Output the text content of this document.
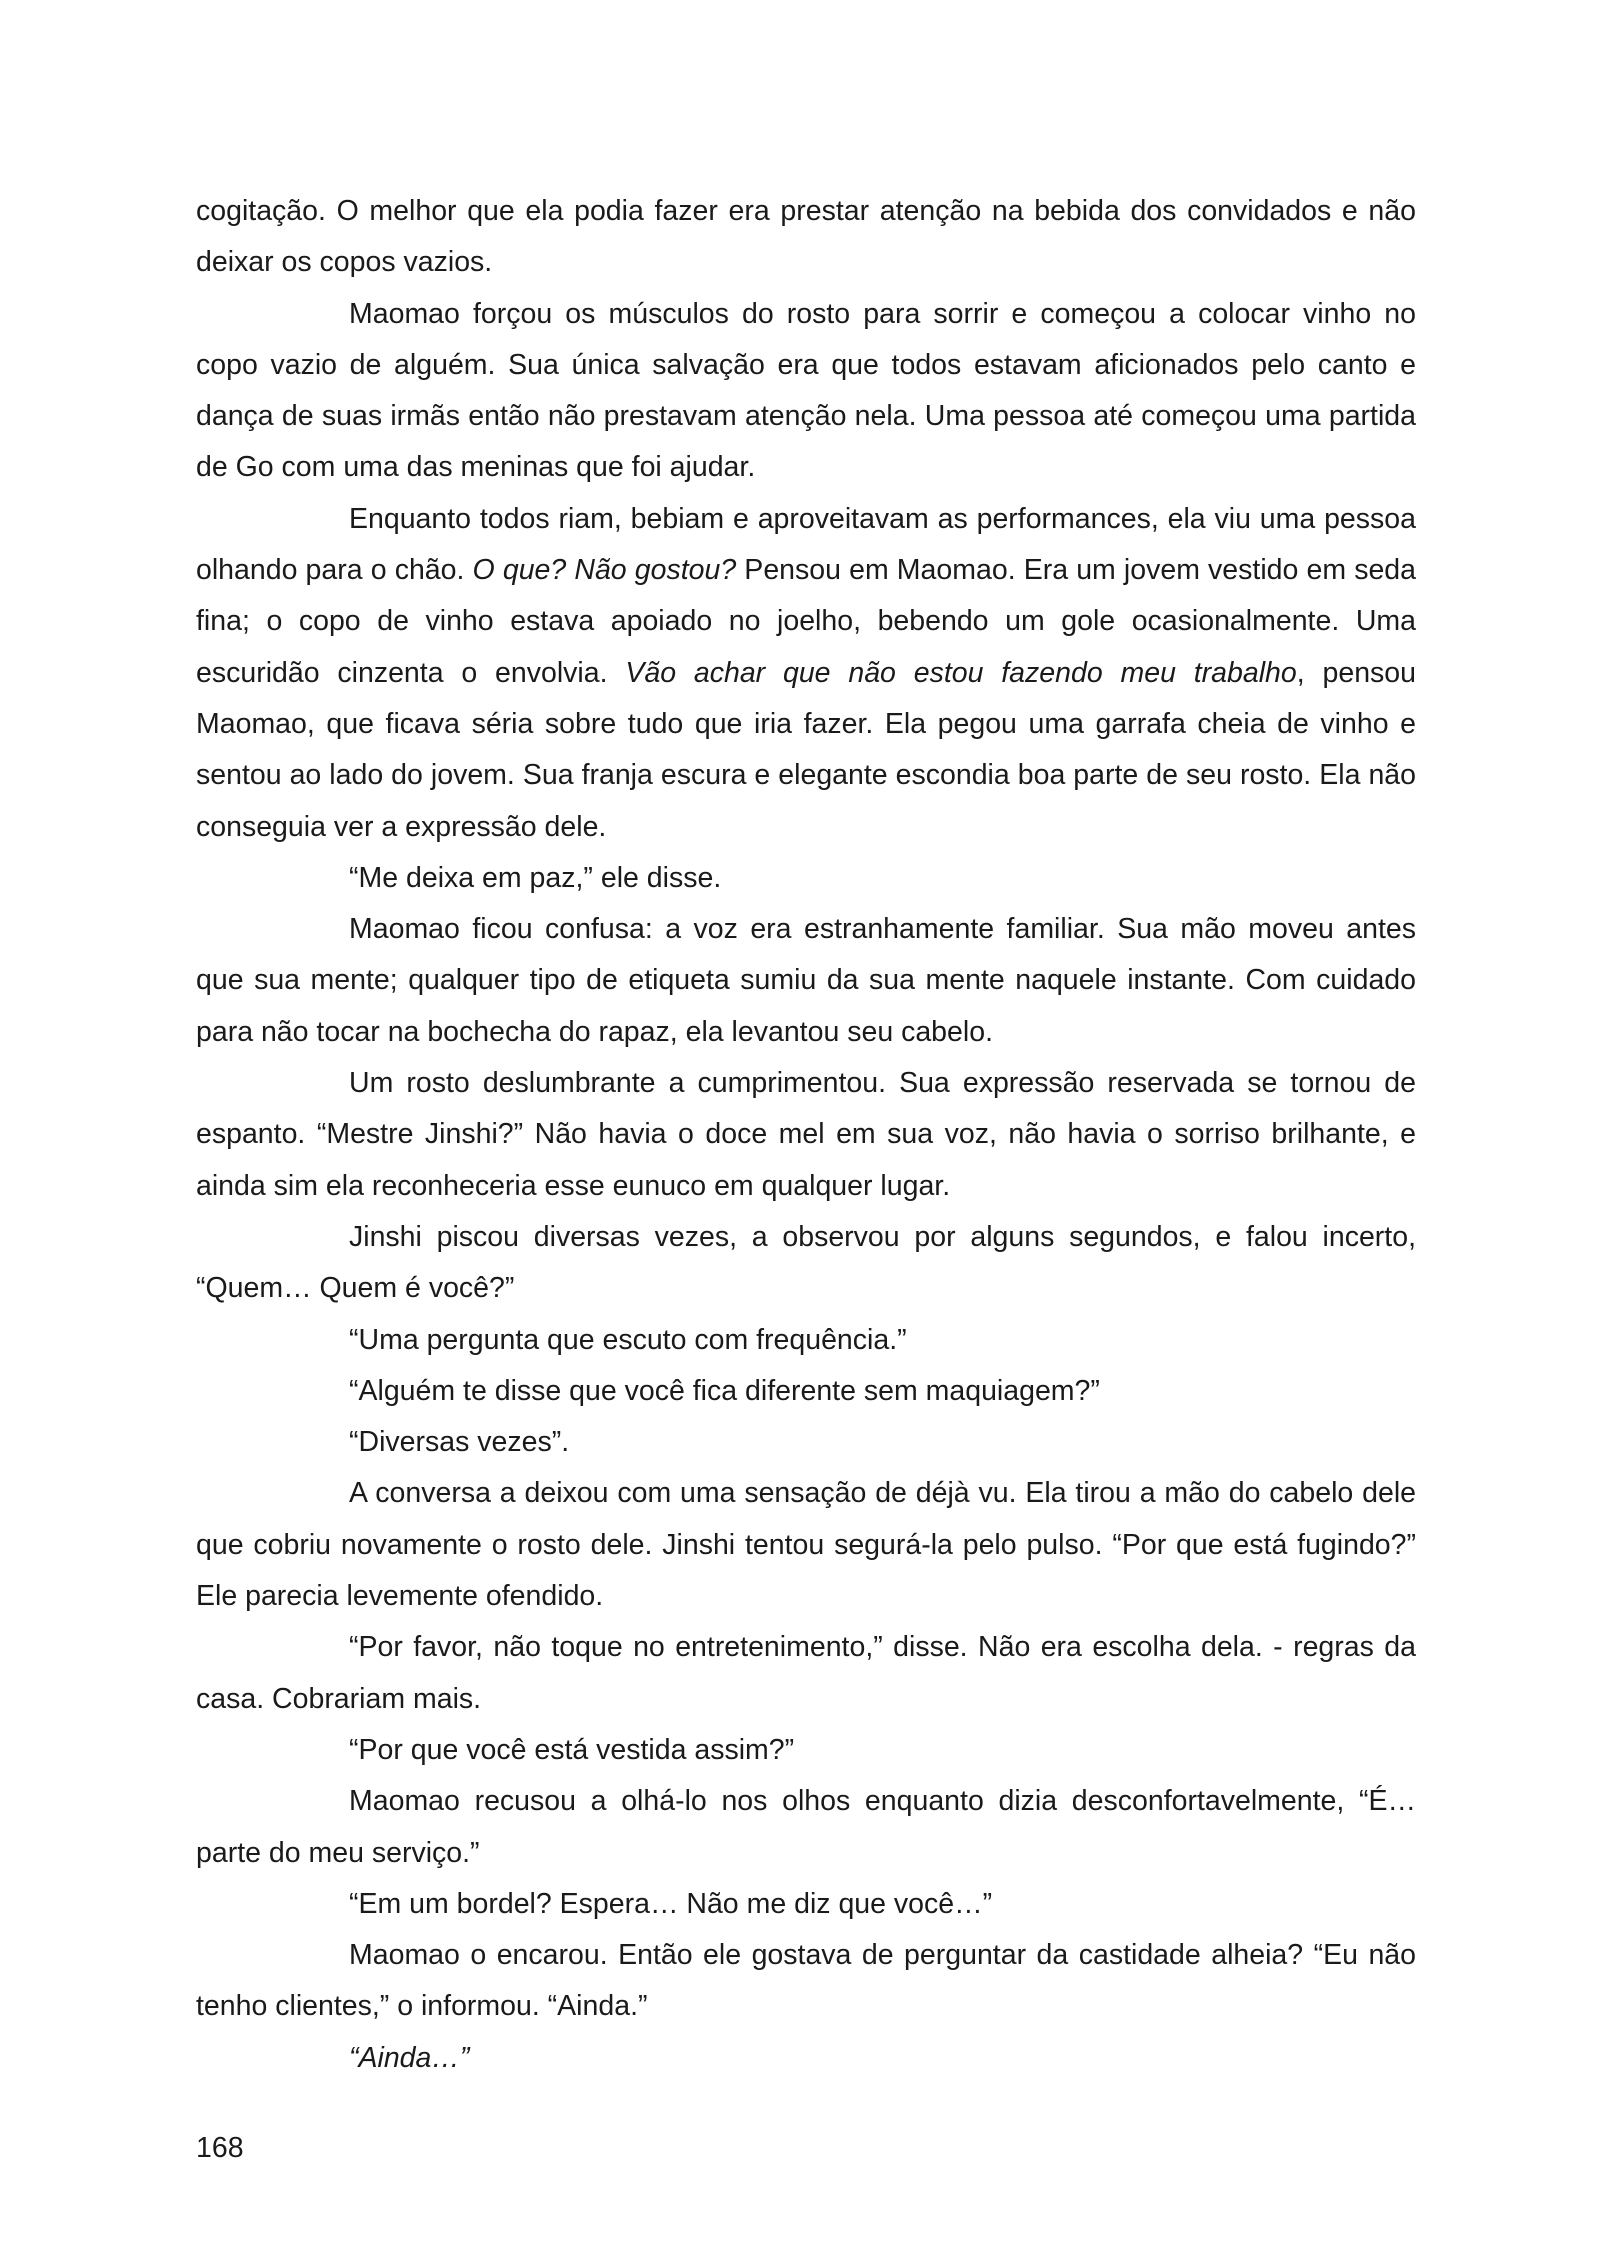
cogitação. O melhor que ela podia fazer era prestar atenção na bebida dos convidados e não deixar os copos vazios.

Maomao forçou os músculos do rosto para sorrir e começou a colocar vinho no copo vazio de alguém. Sua única salvação era que todos estavam aficionados pelo canto e dança de suas irmãs então não prestavam atenção nela. Uma pessoa até começou uma partida de Go com uma das meninas que foi ajudar.

Enquanto todos riam, bebiam e aproveitavam as performances, ela viu uma pessoa olhando para o chão. O que? Não gostou? Pensou em Maomao. Era um jovem vestido em seda fina; o copo de vinho estava apoiado no joelho, bebendo um gole ocasionalmente. Uma escuridão cinzenta o envolvia. Vão achar que não estou fazendo meu trabalho, pensou Maomao, que ficava séria sobre tudo que iria fazer. Ela pegou uma garrafa cheia de vinho e sentou ao lado do jovem. Sua franja escura e elegante escondia boa parte de seu rosto. Ela não conseguia ver a expressão dele.

“Me deixa em paz,” ele disse.

Maomao ficou confusa: a voz era estranhamente familiar. Sua mão moveu antes que sua mente; qualquer tipo de etiqueta sumiu da sua mente naquele instante. Com cuidado para não tocar na bochecha do rapaz, ela levantou seu cabelo.

Um rosto deslumbrante a cumprimentou. Sua expressão reservada se tornou de espanto. “Mestre Jinshi?” Não havia o doce mel em sua voz, não havia o sorriso brilhante, e ainda sim ela reconheceria esse eunuco em qualquer lugar.

Jinshi piscou diversas vezes, a observou por alguns segundos, e falou incerto, “Quem… Quem é você?”

“Uma pergunta que escuto com frequência.”

“Alguém te disse que você fica diferente sem maquiagem?”

“Diversas vezes”.

A conversa a deixou com uma sensação de déjà vu. Ela tirou a mão do cabelo dele que cobriu novamente o rosto dele. Jinshi tentou segurá-la pelo pulso. “Por que está fugindo?” Ele parecia levemente ofendido.

“Por favor, não toque no entretenimento,” disse. Não era escolha dela. - regras da casa. Cobrariam mais.

“Por que você está vestida assim?”

Maomao recusou a olhá-lo nos olhos enquanto dizia desconfortavelmente, “É… parte do meu serviço.”

“Em um bordel? Espera… Não me diz que você…”

Maomao o encarou. Então ele gostava de perguntar da castidade alheia? “Eu não tenho clientes,” o informou. “Ainda.”

“Ainda…”

168
